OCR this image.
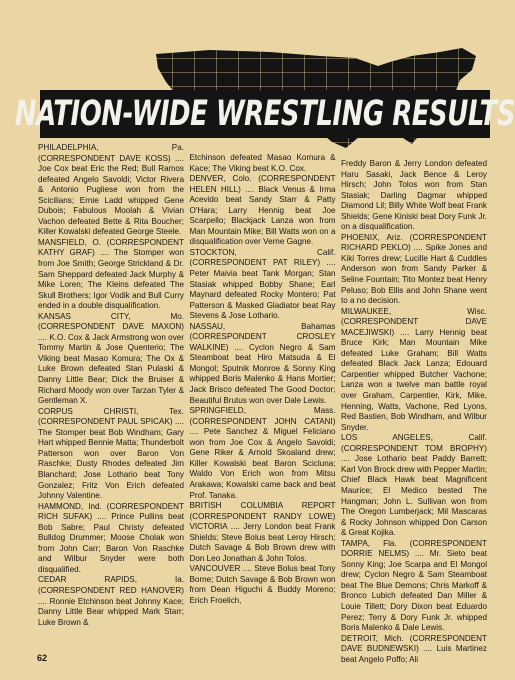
NATION-WIDE WRESTLING RESULTS

PHILADELPHIA, Pa. (CORRESPONDENT DAVE KOSS) .... Joe Cox beat Eric the Red; Bull Ramos defeated Angelo Savoldi; Victor Rivera & Antonio Pugliese won from the Scicilians; Ernie Ladd whipped Gene Dubois; Fabulous Moolah & Vivian Vachon defeated Bette & Rita Boucher; Killer Kowalski defeated George Steele.

MANSFIELD, O. (CORRESPONDENT KATHY GRAF) .... The Stomper won from Joe Smith; George Strickland & Dr. Sam Sheppard defeated Jack Murphy & Mike Loren; The Kleins defeated The Skull Brothers; Igor Vodik and Bull Curry ended in a double disqualification.

KANSAS CITY, Mo. (CORRESPONDENT DAVE MAXON) .... K.O. Cox & Jack Armstrong won over Tommy Martin & Jose Quenterio; The Viking beat Masao Komura; The Ox & Luke Brown defeated Stan Pulaski & Danny Little Bear; Dick the Bruiser & Richard Moody won over Tarzan Tyler & Gentleman X.

CORPUS CHRISTI, Tex. (CORRESPONDENT PAUL SPICAK) .... The Stomper beat Bob Windham; Gary Hart whipped Bennie Matta; Thunderbolt Patterson won over Baron Von Raschke; Dusty Rhodes defeated Jim Blanchard; Jose Lothario beat Tony Gonzalez; Fritz Von Erich defeated Johnny Valentine.

HAMMOND, Ind. (CORRESPONDENT RICH SUFAK) .... Prince Pullins beat Bob Sabre; Paul Christy defeated Bulldog Drummer; Moose Cholak won from John Carr; Baron Von Raschke and Wilbur Snyder were both disqualified.

CEDAR RAPIDS, Ia. (CORRESPONDENT RED HANOVER) .... Ronnie Etchinson beat Johnny Kace; Danny Little Bear whipped Mark Starr; Luke Brown &

Etchinson defeated Masao Komura & Kace; The Viking beat K.O. Cox.

DENVER, Colo. (CORRESPONDENT HELEN HILL) .... Black Venus & Irma Acevido beat Sandy Starr & Patty O'Hara; Larry Hennig beat Joe Scarpello; Blackjack Lanza won from Man Mountain Mike; Bill Watts won on a disqualification over Verne Gagne.

STOCKTON, Calif. (CORRESPONDENT PAT RILEY) .... Peter Maivia beat Tank Morgan; Stan Stasiak whipped Bobby Shane; Earl Maynard defeated Rocky Montero; Pat Patterson & Masked Gladiator beat Ray Stevens & Jose Lothario.

NASSAU, Bahamas (CORRESPONDENT CROSLEY WALKINE) .... Cyclon Negro & Sam Steamboat beat Hiro Matsuda & El Mongol; Sputnik Monroe & Sonny King whipped Boris Malenko & Hans Mortier; Jack Brisco defeated The Good Doctor; Beautiful Brutus won over Dale Lewis.

SPRINGFIELD, Mass. (CORRESPONDENT JOHN CATANI) .... Pete Sanchez & Miguel Feliciano won from Joe Cox & Angelo Savoldi; Gene Riker & Arnold Skoaland drew; Killer Kowalski beat Baron Scicluna; Waldo Von Erich won from Mitsu Arakawa; Kowalski came back and beat Prof. Tanaka.

BRITISH COLUMBIA REPORT (CORRESPONDENT RANDY LOWE) VICTORIA .... Jerry London beat Frank Shields; Steve Bolus beat Leroy Hirsch; Dutch Savage & Bob Brown drew with Don Leo Jonathan & John Tolos.

VANCOUVER .... Steve Bolus beat Tony Borne; Dutch Savage & Bob Brown won from Dean Higuchi & Buddy Moreno; Erich Froelich,

Freddy Baron & Jerry London defeated Haru Sasaki, Jack Bence & Leroy Hirsch; John Tolos won from Stan Stasiak; Darling Dagmar whipped Diamond Lil; Billy White Wolf beat Frank Shields; Gene Kiniski beat Dory Funk Jr. on a disqualification.

PHOENIX, Ariz. (CORRESPONDENT RICHARD PEKLO) .... Spike Jones and Kiki Torres drew; Lucille Hart & Cuddles Anderson won from Sandy Parker & Seline Fountain; Tito Montez beat Henry Peluso; Bob Ellis and John Shane went to a no decision.

MILWAUKEE, Wisc. (CORRESPONDENT DAVE MACEJIWSKI) .... Larry Hennig beat Bruce Kirk; Man Mountain Mike defeated Luke Graham; Bill Watts defeated Black Jack Lanza; Edouard Carpentier whipped Butcher Vachone; Lanza won a twelve man battle royal over Graham, Carpentier, Kirk, Mike, Henning, Watts, Vachone, Red Lyons, Red Bastien, Bob Windham, and Wilbur Snyder.

LOS ANGELES, Calif. (CORRESPONDENT TOM BROPHY) .... Jose Lothario beat Paddy Barrett; Karl Von Brock drew with Pepper Martin; Chief Black Hawk beat Magnificent Maurice; El Medico bested The Hangman; John L. Sullivan won from The Oregon Lumberjack; Mil Mascaras & Rocky Johnson whipped Don Carson & Great Kojika.

TAMPA, Fla. (CORRESPONDENT DORRIE NELMS) .... Mr. Sieto beat Sonny King; Joe Scarpa and El Mongol drew; Cyclon Negro & Sam Steamboat beat The Blue Demons; Chris Markoff & Bronco Lubich defeated Dan Miller & Louie Tillett; Dory Dixon beat Eduardo Perez; Terry & Dory Funk Jr. whipped Boris Malenko & Dale Lewis.

DETROIT, Mich. (CORRESPONDENT DAVE BUDNEWSKI) .... Luis Martinez beat Angelo Poffo; Ali

62
